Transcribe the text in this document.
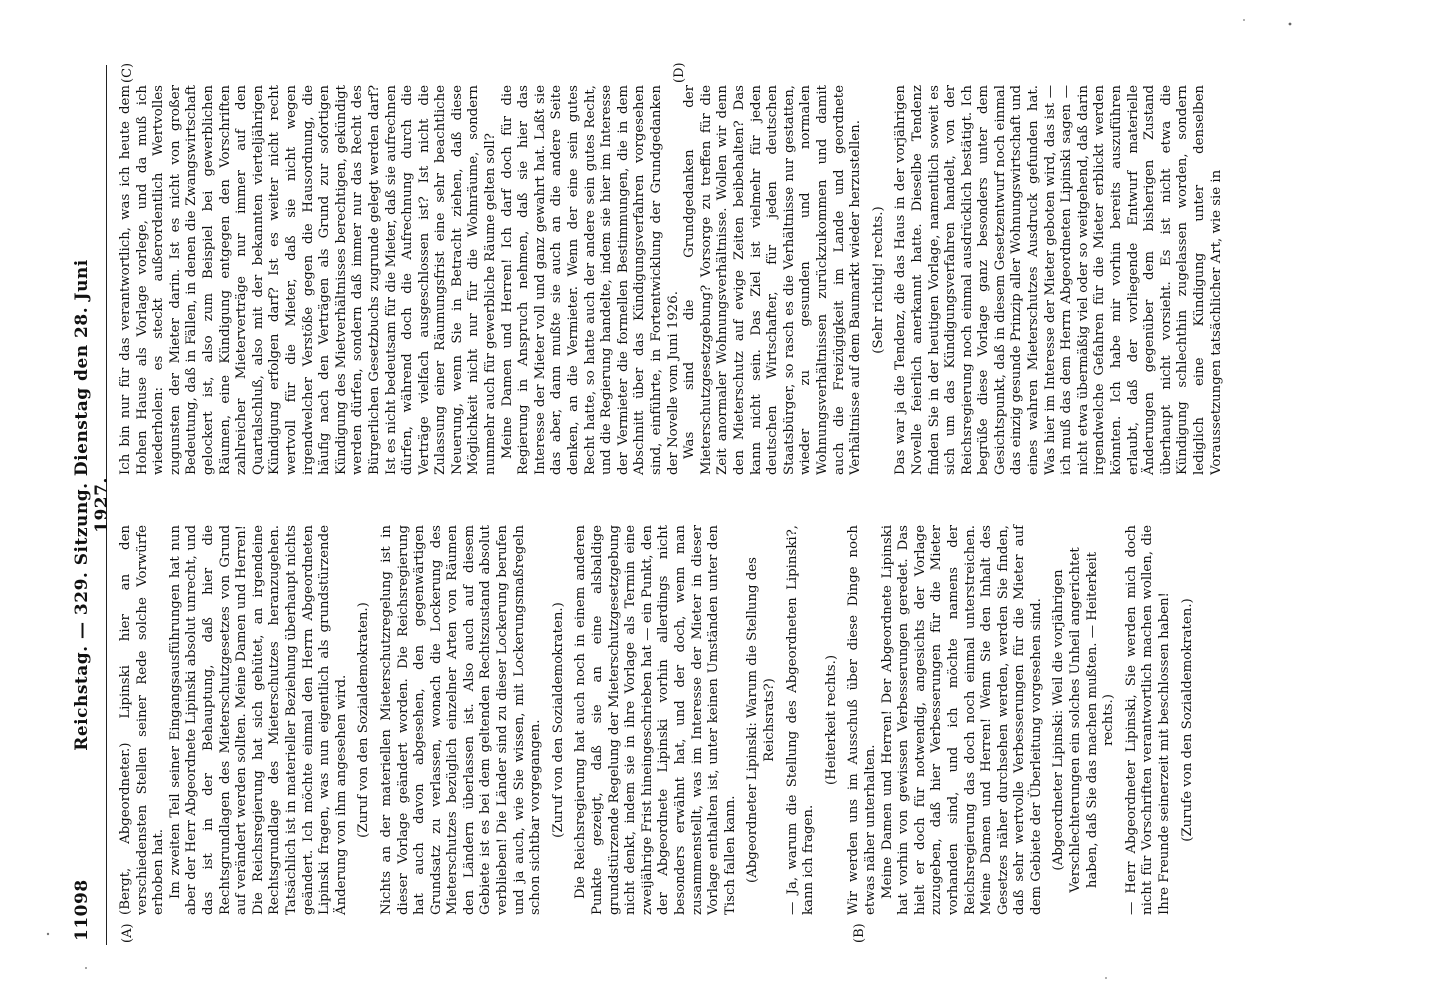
11098
Reichstag. — 329. Sitzung. Dienstag den 28. Juni 1927.
(A)	(B)
(C)	(D)

(Bergt, Abgeordneter.) Lipinski hier an den verschiedensten Stellen seiner Rede solche Vorwürfe erhoben hat. Im zweiten Teil seiner Eingangsausführungen hat nun aber der Herr Abgeordnete Lipinski absolut unrecht, und das ist in der Behauptung, daß hier die Rechtsgrundlagen des Mieterschutzgesetzes von Grund auf verändert werden sollten. Meine Damen und Herren! Die Reichsregierung hat sich gehütet, an irgendeine Rechtsgrundlage des Mieterschutzes heranzugehen. Tatsächlich ist in materieller Beziehung überhaupt nichts geändert. Ich möchte einmal den Herrn Abgeordneten Lipinski fragen, was nun eigentlich als grundstürzende Änderung von ihm angesehen wird. (Zuruf von den Sozialdemokraten.) Nichts an der materiellen Mieterschutzregelung ist in dieser Vorlage geändert worden. Die Reichsregierung hat auch davon abgesehen, den gegenwärtigen Grundsatz zu verlassen, wonach die Lockerung des Mieterschutzes bezüglich einzelner Arten von Räumen den Ländern überlassen ist. Also auch auf diesem Gebiete ist es bei dem geltenden Rechtszustand absolut verblieben! Die Länder sind zu dieser Lockerung berufen und ja auch, wie Sie wissen, mit Lockerungsmaßregeln schon sichtbar vorgegangen. (Zuruf von den Sozialdemokraten.) Die Reichsregierung hat auch noch in einem anderen Punkte gezeigt, daß sie an eine alsbaldige grundstürzende Regelung der Mieterschutzgesetzgebung nicht denkt, indem sie in ihre Vorlage als Termin eine zweijährige Frist hineingeschrieben hat — ein Punkt, den der Abgeordnete Lipinski vorhin allerdings nicht besonders erwähnt hat, und der doch, wenn man zusammenstellt, was im Interesse der Mieter in dieser Vorlage enthalten ist, unter keinen Umständen unter den Tisch fallen kann. (Abgeordneter Lipinski: Warum die Stellung des Reichsrats?) — Ja, warum die Stellung des Abgeordneten Lipinski?, kann ich fragen.

(Heiterkeit rechts.) Wir werden uns im Ausschuß über diese Dinge noch etwas näher unterhalten. Meine Damen und Herren! Der Abgeordnete Lipinski hat vorhin von gewissen Verbesserungen geredet. Das hielt er doch für notwendig, angesichts der Vorlage zuzugeben, daß hier Verbesserungen für die Mieter vorhanden sind, und ich möchte namens der Reichsregierung das doch noch einmal unterstreichen. Meine Damen und Herren! Wenn Sie den Inhalt des Gesetzes näher durchsehen werden, werden Sie finden, daß sehr wertvolle Verbesserungen für die Mieter auf dem Gebiete der Überleitung vorgesehen sind. (Abgeordneter Lipinski: Weil die vorjährigen Verschlechterungen ein solches Unheil angerichtet haben, daß Sie das machen mußten. — Heiterkeit rechts.) — Herr Abgeordneter Lipinski, Sie werden mich doch nicht für Vorschriften verantwortlich machen wollen, die Ihre Freunde seinerzeit mit beschlossen haben! (Zurufe von den Sozialdemokraten.)

Ich bin nur für das verantwortlich, was ich heute dem Hohen Hause als Vorlage vorlege, und da muß ich wiederholen: es steckt außerordentlich Wertvolles zugunsten der Mieter darin. Ist es nicht von großer Bedeutung, daß in Fällen, in denen die Zwangswirtschaft gelockert ist, also zum Beispiel bei gewerblichen Räumen, eine Kündigung entgegen den Vorschriften zahlreicher Mieterverträge nur immer auf den Quartalschluß, also mit der bekannten vierteljährigen Kündigung erfolgen darf? Ist es weiter nicht recht wertvoll für die Mieter, daß sie nicht wegen irgendwelcher Verstöße gegen die Hausordnung, die häufig nach den Verträgen als Grund zur sofortigen Kündigung des Mietverhältnisses berechtigen, gekündigt werden dürfen, sondern daß immer nur das Recht des Bürgerlichen Gesetzbuchs zugrunde gelegt werden darf? Ist es nicht bedeutsam für die Mieter, daß sie aufrechnen dürfen, während doch die Aufrechnung durch die Verträge vielfach ausgeschlossen ist? Ist nicht die Zulassung einer Räumungsfrist eine sehr beachtliche Neuerung, wenn Sie in Betracht ziehen, daß diese Möglichkeit nicht nur für die Wohnräume, sondern nunmehr auch für gewerbliche Räume gelten soll? Meine Damen und Herren! Ich darf doch für die Regierung in Anspruch nehmen, daß sie hier das Interesse der Mieter voll und ganz gewahrt hat. Laßt sie das aber, dann mußte sie auch an die andere Seite denken, an die Vermieter. Wenn der eine sein gutes Recht hatte, so hatte auch der andere sein gutes Recht, und die Regierung handelte, indem sie hier im Interesse der Vermieter die formellen Bestimmungen, die in dem Abschnitt über das Kündigungsverfahren vorgesehen sind, einführte, in Fortentwicklung der Grundgedanken der Novelle vom Juni 1926. Was sind die Grundgedanken der Mieterschutzgesetzgebung? Vorsorge zu treffen für die Zeit anormaler Wohnungsverhältnisse. Wollen wir denn den Mieterschutz auf ewige Zeiten beibehalten? Das kann nicht sein. Das Ziel ist vielmehr für jeden deutschen Wirtschafter, für jeden deutschen Staatsbürger, so rasch es die Verhältnisse nur gestatten, wieder zu gesunden und normalen Wohnungsverhältnissen zurückzukommen und damit auch die Freizügigkeit im Lande und geordnete Verhältnisse auf dem Baumarkt wieder herzustellen. (Sehr richtig! rechts.) Das war ja die Tendenz, die das Haus in der vorjährigen Novelle feierlich anerkannt hatte. Dieselbe Tendenz finden Sie in der heutigen Vorlage, namentlich soweit es sich um das Kündigungsverfahren handelt, von der Reichsregierung noch einmal ausdrücklich bestätigt. Ich begrüße diese Vorlage ganz besonders unter dem Gesichtspunkt, daß in diesem Gesetzentwurf noch einmal das einzig gesunde Prinzip aller Wohnungswirtschaft und eines wahren Mieterschutzes Ausdruck gefunden hat. Was hier im Interesse der Mieter geboten wird, das ist — ich muß das dem Herrn Abgeordneten Lipinski sagen — nicht etwa übermäßig viel oder so weitgehend, daß darin irgendwelche Gefahren für die Mieter erblickt werden könnten. Ich habe mir vorhin bereits auszuführen erlaubt, daß der vorliegende Entwurf materielle Änderungen gegenüber dem bisherigen Zustand überhaupt nicht vorsieht. Es ist nicht etwa die Kündigung schlechthin zugelassen worden, sondern lediglich eine Kündigung unter denselben Voraussetzungen tatsächlicher Art, wie sie in
